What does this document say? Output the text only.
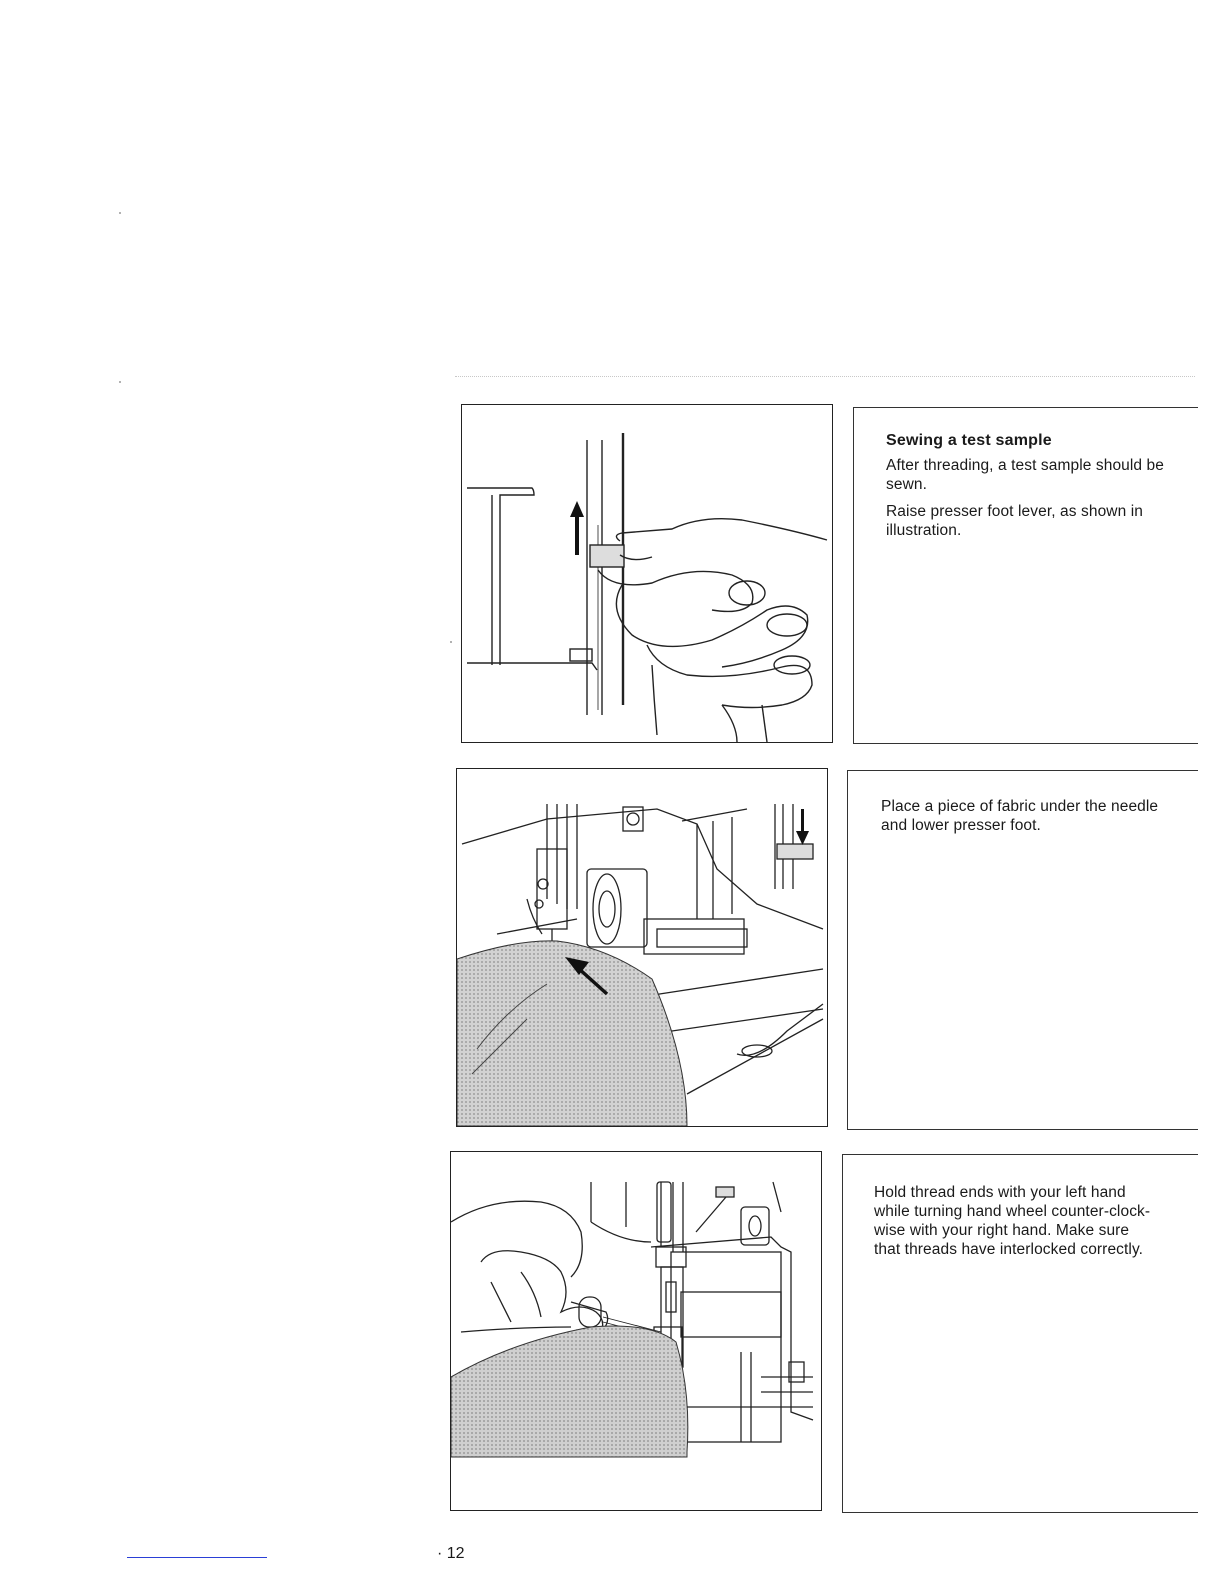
Sewing a test sample
After threading, a test sample should be
sewn.
Raise presser foot lever, as shown in
illustration.
Place a piece of fabric under the needle
and lower presser foot.
Hold thread ends with your left hand
while turning hand wheel counter-clock-
wise with your right hand. Make sure
that threads have interlocked correctly.
· 12
